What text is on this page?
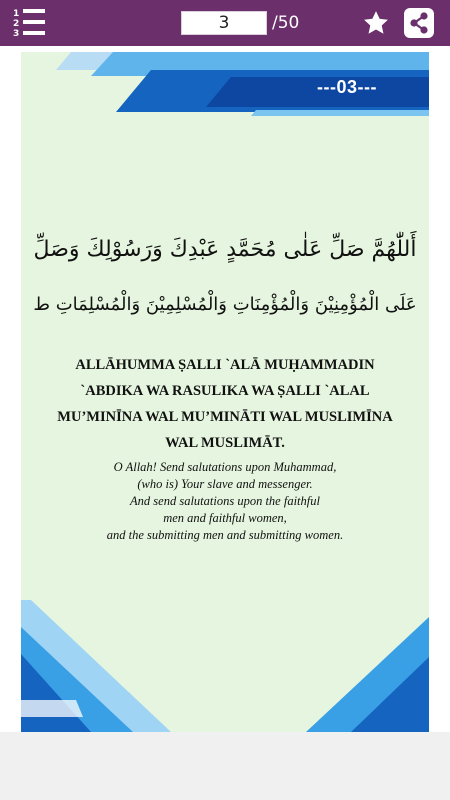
1
2
3
3
/50
---03---
أَللّٰهُمَّ صَلِّ عَلٰى مُحَمَّدٍ عَبْدِكَ وَرَسُوْلِكَ وَصَلِّ
عَلَى الْمُؤْمِنِيْنَ وَالْمُؤْمِنَاتِ وَالْمُسْلِمِيْنَ وَالْمُسْلِمَاتِ ط
ALLĀHUMMA ṢALLI `ALĀ MUḤAMMADIN
`ABDIKA WA RASULIKA WA ṢALLI `ALAL
MU’MINĪNA WAL MU’MINĀTI WAL MUSLIMĪNA
WAL MUSLIMĀT.
O Allah! Send salutations upon Muhammad,
(who is) Your slave and messenger.
And send salutations upon the faithful
men and faithful women,
and the submitting men and submitting women.
